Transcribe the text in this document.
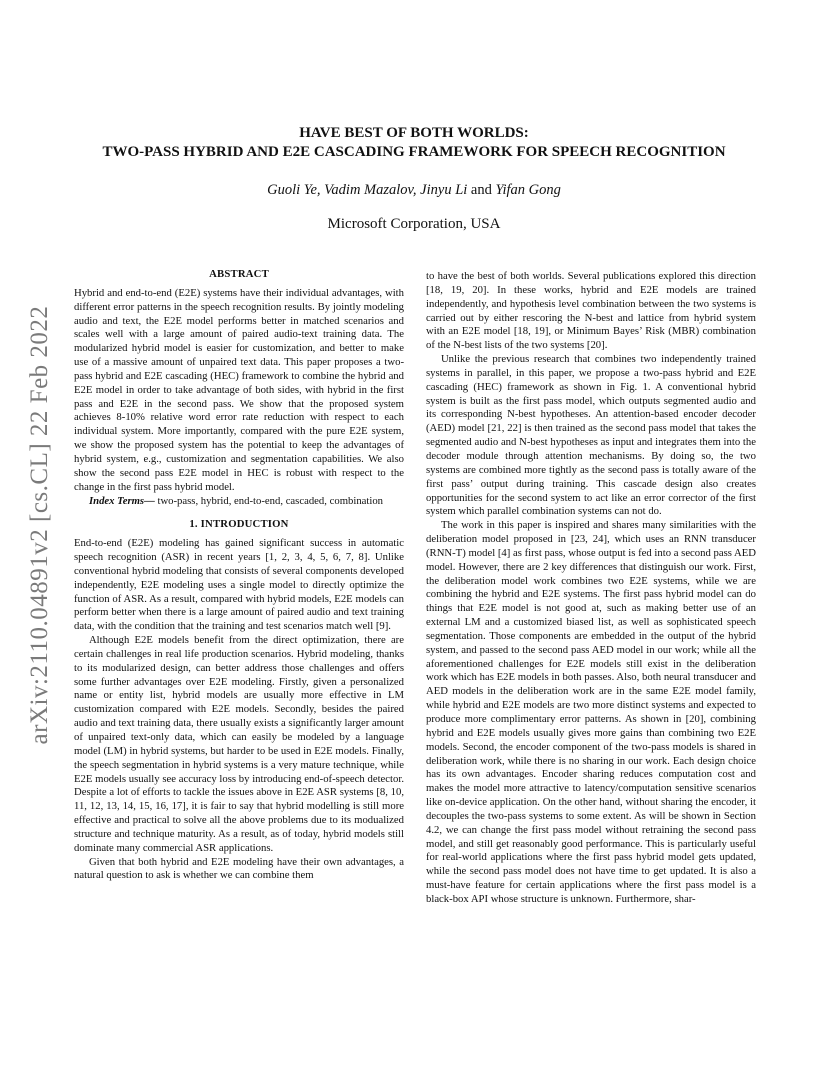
arXiv:2110.04891v2 [cs.CL] 22 Feb 2022

HAVE BEST OF BOTH WORLDS:

TWO-PASS HYBRID AND E2E CASCADING FRAMEWORK FOR SPEECH RECOGNITION

Guoli Ye, Vadim Mazalov, Jinyu Li and Yifan Gong
Microsoft Corporation, USA
ABSTRACT

Hybrid and end-to-end (E2E) systems have their individual advantages, with different error patterns in the speech recognition results. By jointly modeling audio and text, the E2E model performs better in matched scenarios and scales well with a large amount of paired audio-text training data. The modularized hybrid model is easier for customization, and better to make use of a massive amount of unpaired text data. This paper proposes a two-pass hybrid and E2E cascading (HEC) framework to combine the hybrid and E2E model in order to take advantage of both sides, with hybrid in the first pass and E2E in the second pass. We show that the proposed system achieves 8-10% relative word error rate reduction with respect to each individual system. More importantly, compared with the pure E2E system, we show the proposed system has the potential to keep the advantages of hybrid system, e.g., customization and segmentation capabilities. We also show the second pass E2E model in HEC is robust with respect to the change in the first pass hybrid model.

Index Terms— two-pass, hybrid, end-to-end, cascaded, combination

1. INTRODUCTION

End-to-end (E2E) modeling has gained significant success in automatic speech recognition (ASR) in recent years [1, 2, 3, 4, 5, 6, 7, 8]. Unlike conventional hybrid modeling that consists of several components developed independently, E2E modeling uses a single model to directly optimize the function of ASR. As a result, compared with hybrid models, E2E models can perform better when there is a large amount of paired audio and text training data, with the condition that the training and test scenarios match well [9].

Although E2E models benefit from the direct optimization, there are certain challenges in real life production scenarios. Hybrid modeling, thanks to its modularized design, can better address those challenges and offers some further advantages over E2E modeling. Firstly, given a personalized name or entity list, hybrid models are usually more effective in LM customization compared with E2E models. Secondly, besides the paired audio and text training data, there usually exists a significantly larger amount of unpaired text-only data, which can easily be modeled by a language model (LM) in hybrid systems, but harder to be used in E2E models. Finally, the speech segmentation in hybrid systems is a very mature technique, while E2E models usually see accuracy loss by introducing end-of-speech detector. Despite a lot of efforts to tackle the issues above in E2E ASR systems [8, 10, 11, 12, 13, 14, 15, 16, 17], it is fair to say that hybrid modelling is still more effective and practical to solve all the above problems due to its modualized structure and technique maturity. As a result, as of today, hybrid models still dominate many commercial ASR applications.

Given that both hybrid and E2E modeling have their own advantages, a natural question to ask is whether we can combine them

to have the best of both worlds. Several publications explored this direction [18, 19, 20]. In these works, hybrid and E2E models are trained independently, and hypothesis level combination between the two systems is carried out by either rescoring the N-best and lattice from hybrid system with an E2E model [18, 19], or Minimum Bayes’ Risk (MBR) combination of the N-best lists of the two systems [20].

Unlike the previous research that combines two independently trained systems in parallel, in this paper, we propose a two-pass hybrid and E2E cascading (HEC) framework as shown in Fig. 1. A conventional hybrid system is built as the first pass model, which outputs segmented audio and its corresponding N-best hypotheses. An attention-based encoder decoder (AED) model [21, 22] is then trained as the second pass model that takes the segmented audio and N-best hypotheses as input and integrates them into the decoder module through attention mechanisms. By doing so, the two systems are combined more tightly as the second pass is totally aware of the first pass’ output during training. This cascade design also creates opportunities for the second system to act like an error corrector of the first system which parallel combination systems can not do.

The work in this paper is inspired and shares many similarities with the deliberation model proposed in [23, 24], which uses an RNN transducer (RNN-T) model [4] as first pass, whose output is fed into a second pass AED model. However, there are 2 key differences that distinguish our work. First, the deliberation model work combines two E2E systems, while we are combining the hybrid and E2E systems. The first pass hybrid model can do things that E2E model is not good at, such as making better use of an external LM and a customized biased list, as well as sophisticated speech segmentation. Those components are embedded in the output of the hybrid system, and passed to the second pass AED model in our work; while all the aforementioned challenges for E2E models still exist in the deliberation work which has E2E models in both passes. Also, both neural transducer and AED models in the deliberation work are in the same E2E model family, while hybrid and E2E models are two more distinct systems and expected to produce more complimentary error patterns. As shown in [20], combining hybrid and E2E models usually gives more gains than combining two E2E models. Second, the encoder component of the two-pass models is shared in deliberation work, while there is no sharing in our work. Each design choice has its own advantages. Encoder sharing reduces computation cost and makes the model more attractive to latency/computation sensitive scenarios like on-device application. On the other hand, without sharing the encoder, it decouples the two-pass systems to some extent. As will be shown in Section 4.2, we can change the first pass model without retraining the second pass model, and still get reasonably good performance. This is particularly useful for real-world applications where the first pass hybrid model gets updated, while the second pass model does not have time to get updated. It is also a must-have feature for certain applications where the first pass model is a black-box API whose structure is unknown. Furthermore, shar-
